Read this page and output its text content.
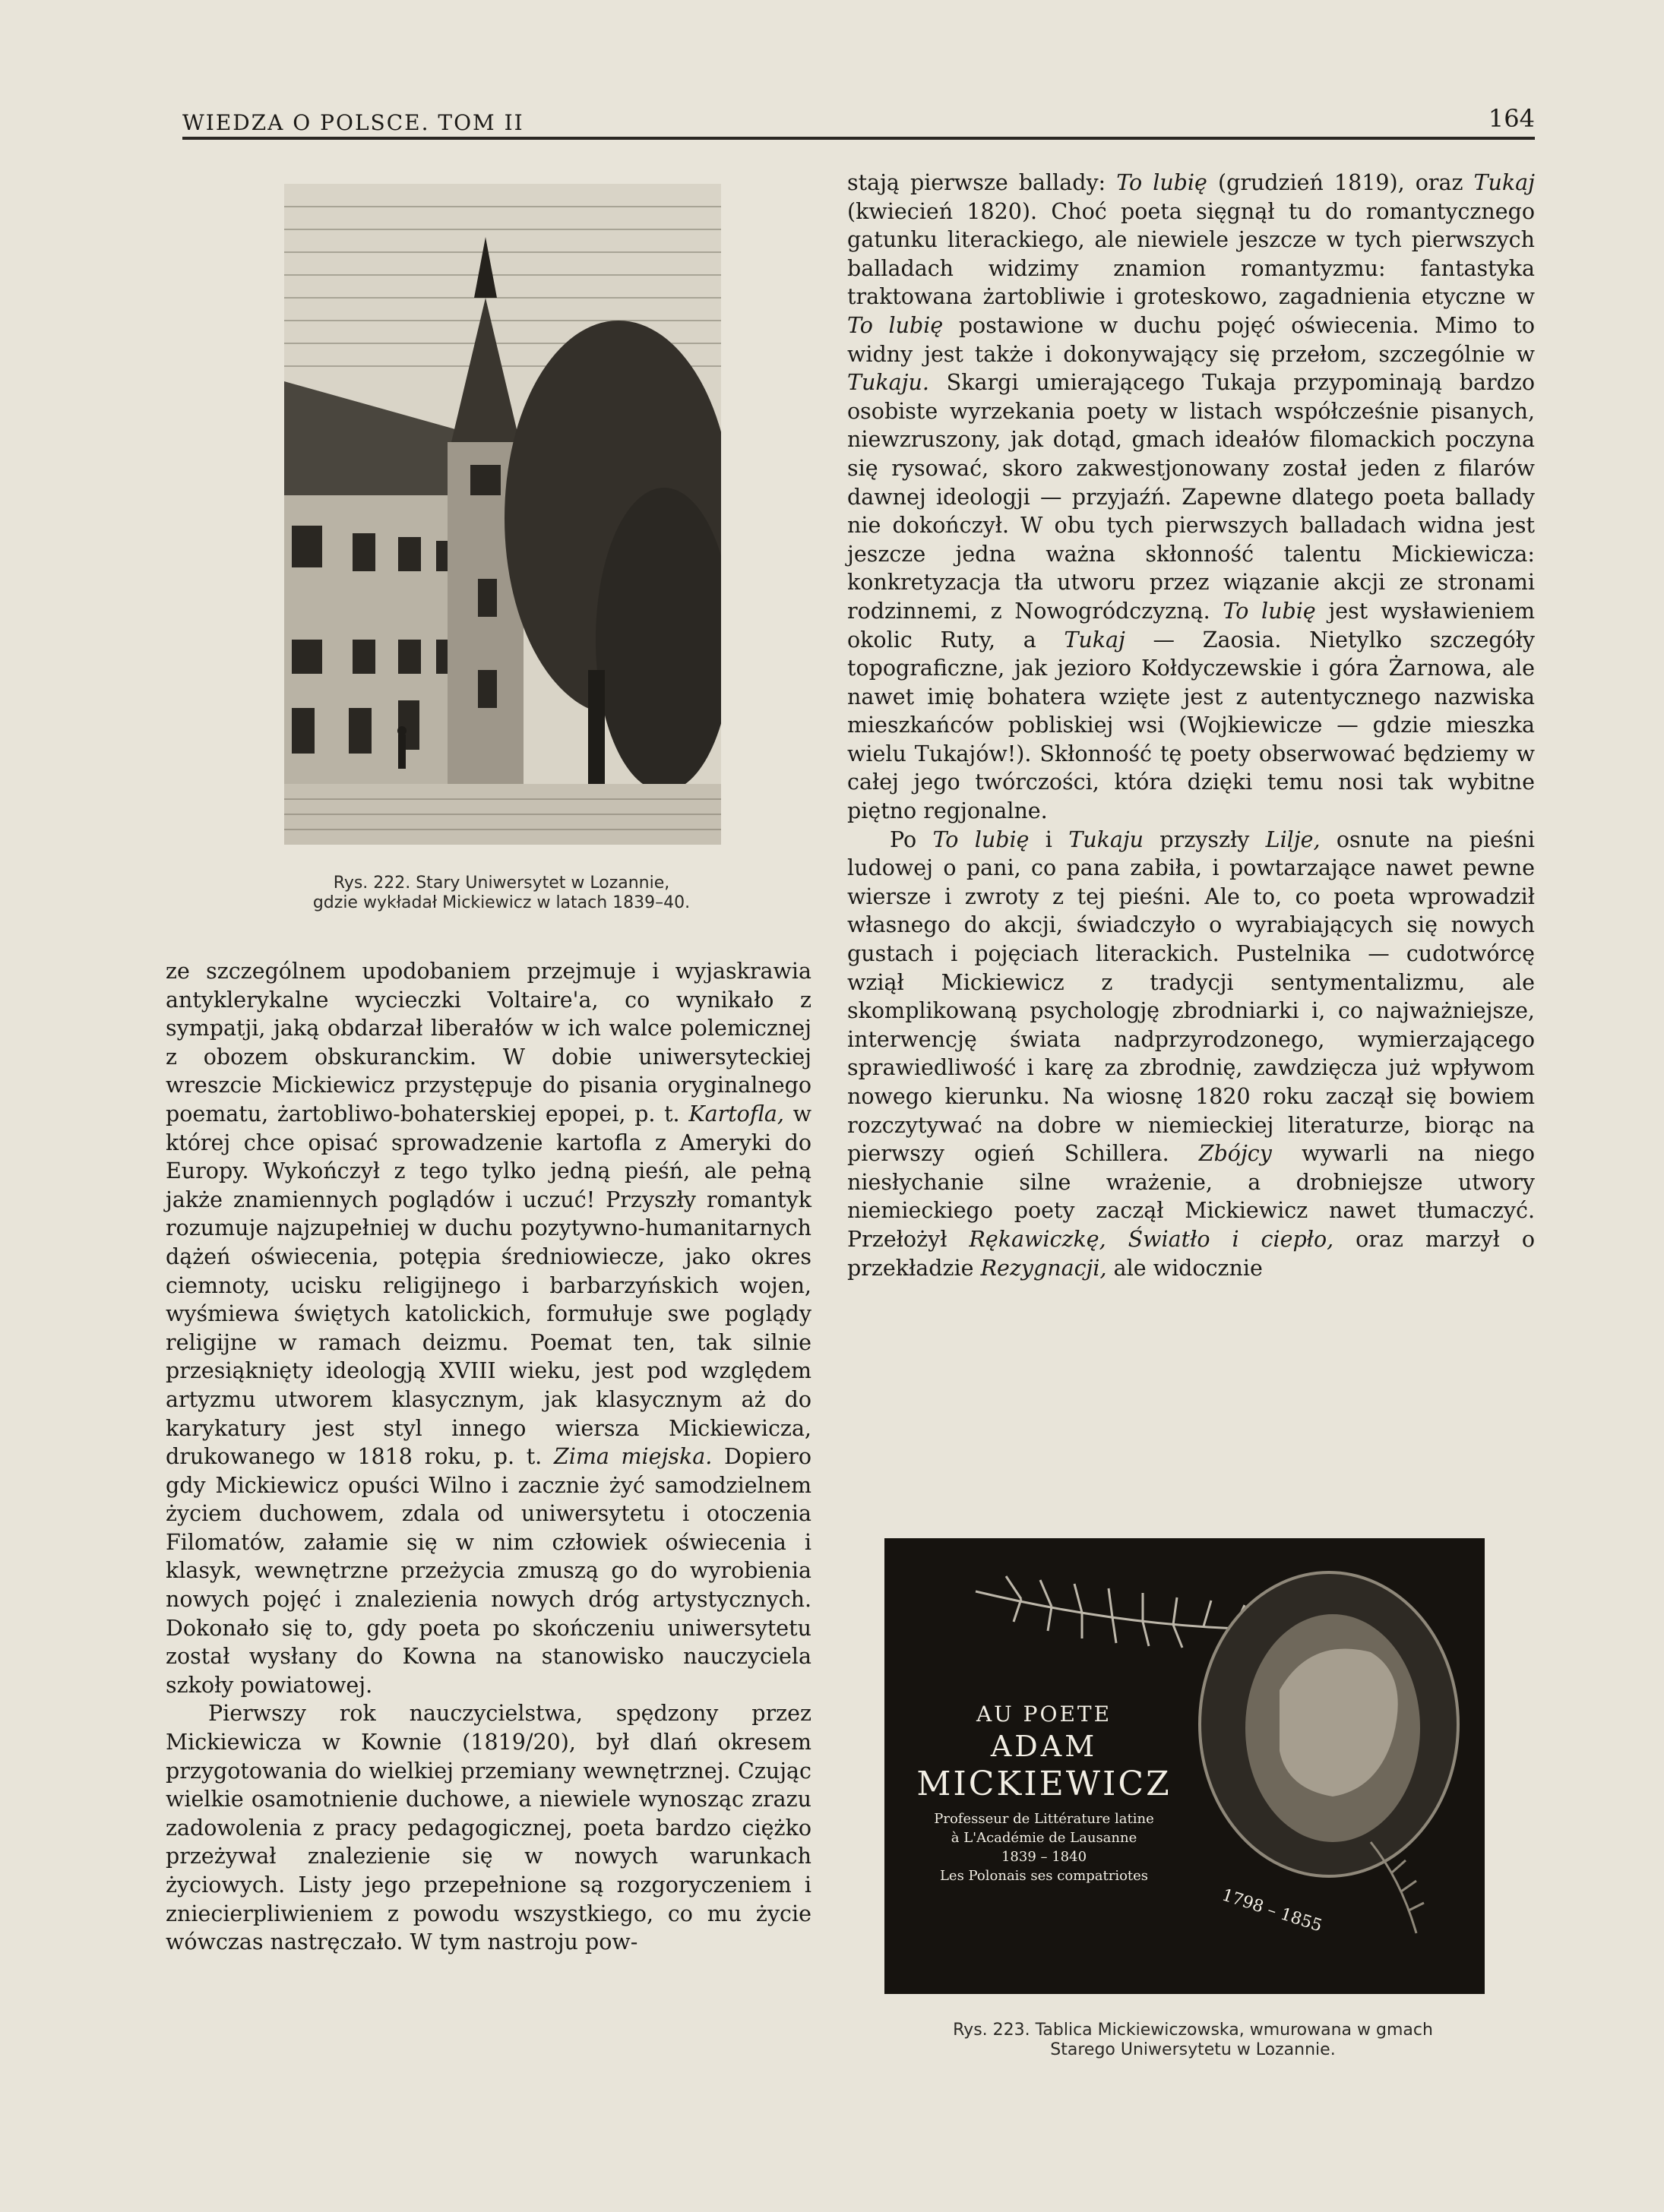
WIEDZA O POLSCE. TOM II	164
Rys. 222. Stary Uniwersytet w Lozannie,
gdzie wykładał Mickiewicz w latach 1839–40.

ze szczególnem upodobaniem przejmuje i wyjaskrawia antyklerykalne wycieczki Voltaire'a, co wynikało z sympatji, jaką obdarzał liberałów w ich walce polemicznej z obozem obskuranckim. W dobie uniwersyteckiej wreszcie Mickiewicz przystępuje do pisania oryginalnego poematu, żartobliwo-bohaterskiej epopei, p. t. Kartofla, w której chce opisać sprowadzenie kartofla z Ameryki do Europy. Wykończył z tego tylko jedną pieśń, ale pełną jakże znamiennych poglądów i uczuć! Przyszły romantyk rozumuje najzupełniej w duchu pozytywno-humanitarnych dążeń oświecenia, potępia średniowiecze, jako okres ciemnoty, ucisku religijnego i barbarzyńskich wojen, wyśmiewa świętych katolickich, formułuje swe poglądy religijne w ramach deizmu. Poemat ten, tak silnie przesiąknięty ideologją XVIII wieku, jest pod względem artyzmu utworem klasycznym, jak klasycznym aż do karykatury jest styl innego wiersza Mickiewicza, drukowanego w 1818 roku, p. t. Zima miejska. Dopiero gdy Mickiewicz opuści Wilno i zacznie żyć samodzielnem życiem duchowem, zdala od uniwersytetu i otoczenia Filomatów, załamie się w nim człowiek oświecenia i klasyk, wewnętrzne przeżycia zmuszą go do wyrobienia nowych pojęć i znalezienia nowych dróg artystycznych. Dokonało się to, gdy poeta po skończeniu uniwersytetu został wysłany do Kowna na stanowisko nauczyciela szkoły powiatowej.

Pierwszy rok nauczycielstwa, spędzony przez Mickiewicza w Kownie (1819/20), był dlań okresem przygotowania do wielkiej przemiany wewnętrznej. Czując wielkie osamotnienie duchowe, a niewiele wynosząc zrazu zadowolenia z pracy pedagogicznej, poeta bardzo ciężko przeżywał znalezienie się w nowych warunkach życiowych. Listy jego przepełnione są rozgoryczeniem i zniecierpliwieniem z powodu wszystkiego, co mu życie wówczas nastręczało. W tym nastroju pow-

stają pierwsze ballady: To lubię (grudzień 1819), oraz Tukaj (kwiecień 1820). Choć poeta sięgnął tu do romantycznego gatunku literackiego, ale niewiele jeszcze w tych pierwszych balladach widzimy znamion romantyzmu: fantastyka traktowana żartobliwie i groteskowo, zagadnienia etyczne w To lubię postawione w duchu pojęć oświecenia. Mimo to widny jest także i dokonywający się przełom, szczególnie w Tukaju. Skargi umierającego Tukaja przypominają bardzo osobiste wyrzekania poety w listach współcześnie pisanych, niewzruszony, jak dotąd, gmach ideałów filomackich poczyna się rysować, skoro zakwestjonowany został jeden z filarów dawnej ideologji — przyjaźń. Zapewne dlatego poeta ballady nie dokończył. W obu tych pierwszych balladach widna jest jeszcze jedna ważna skłonność talentu Mickiewicza: konkretyzacja tła utworu przez wiązanie akcji ze stronami rodzinnemi, z Nowogródczyzną. To lubię jest wysławieniem okolic Ruty, a Tukaj — Zaosia. Nietylko szczegóły topograficzne, jak jezioro Kołdyczewskie i góra Żarnowa, ale nawet imię bohatera wzięte jest z autentycznego nazwiska mieszkańców pobliskiej wsi (Wojkiewicze — gdzie mieszka wielu Tukajów!). Skłonność tę poety obserwować będziemy w całej jego twórczości, która dzięki temu nosi tak wybitne piętno regjonalne.

Po To lubię i Tukaju przyszły Lilje, osnute na pieśni ludowej o pani, co pana zabiła, i powtarzające nawet pewne wiersze i zwroty z tej pieśni. Ale to, co poeta wprowadził własnego do akcji, świadczyło o wyrabiających się nowych gustach i pojęciach literackich. Pustelnika — cudotwórcę wziął Mickiewicz z tradycji sentymentalizmu, ale skomplikowaną psychologję zbrodniarki i, co najważniejsze, interwencję świata nadprzyrodzonego, wymierzającego sprawiedliwość i karę za zbrodnię, zawdzięcza już wpływom nowego kierunku. Na wiosnę 1820 roku zaczął się bowiem rozczytywać na dobre w niemieckiej literaturze, biorąc na pierwszy ogień Schillera. Zbójcy wywarli na niego niesłychanie silne wrażenie, a drobniejsze utwory niemieckiego poety zaczął Mickiewicz nawet tłumaczyć. Przełożył Rękawiczkę, Światło i ciepło, oraz marzył o przekładzie Rezygnacji, ale widocznie

AU POETE
ADAM
MICKIEWICZ
Professeur de Littérature latine
à L'Académie de Lausanne
1839 – 1840
Les Polonais ses compatriotes
1798 – 1855
Rys. 223. Tablica Mickiewiczowska, wmurowana w gmach
Starego Uniwersytetu w Lozannie.
